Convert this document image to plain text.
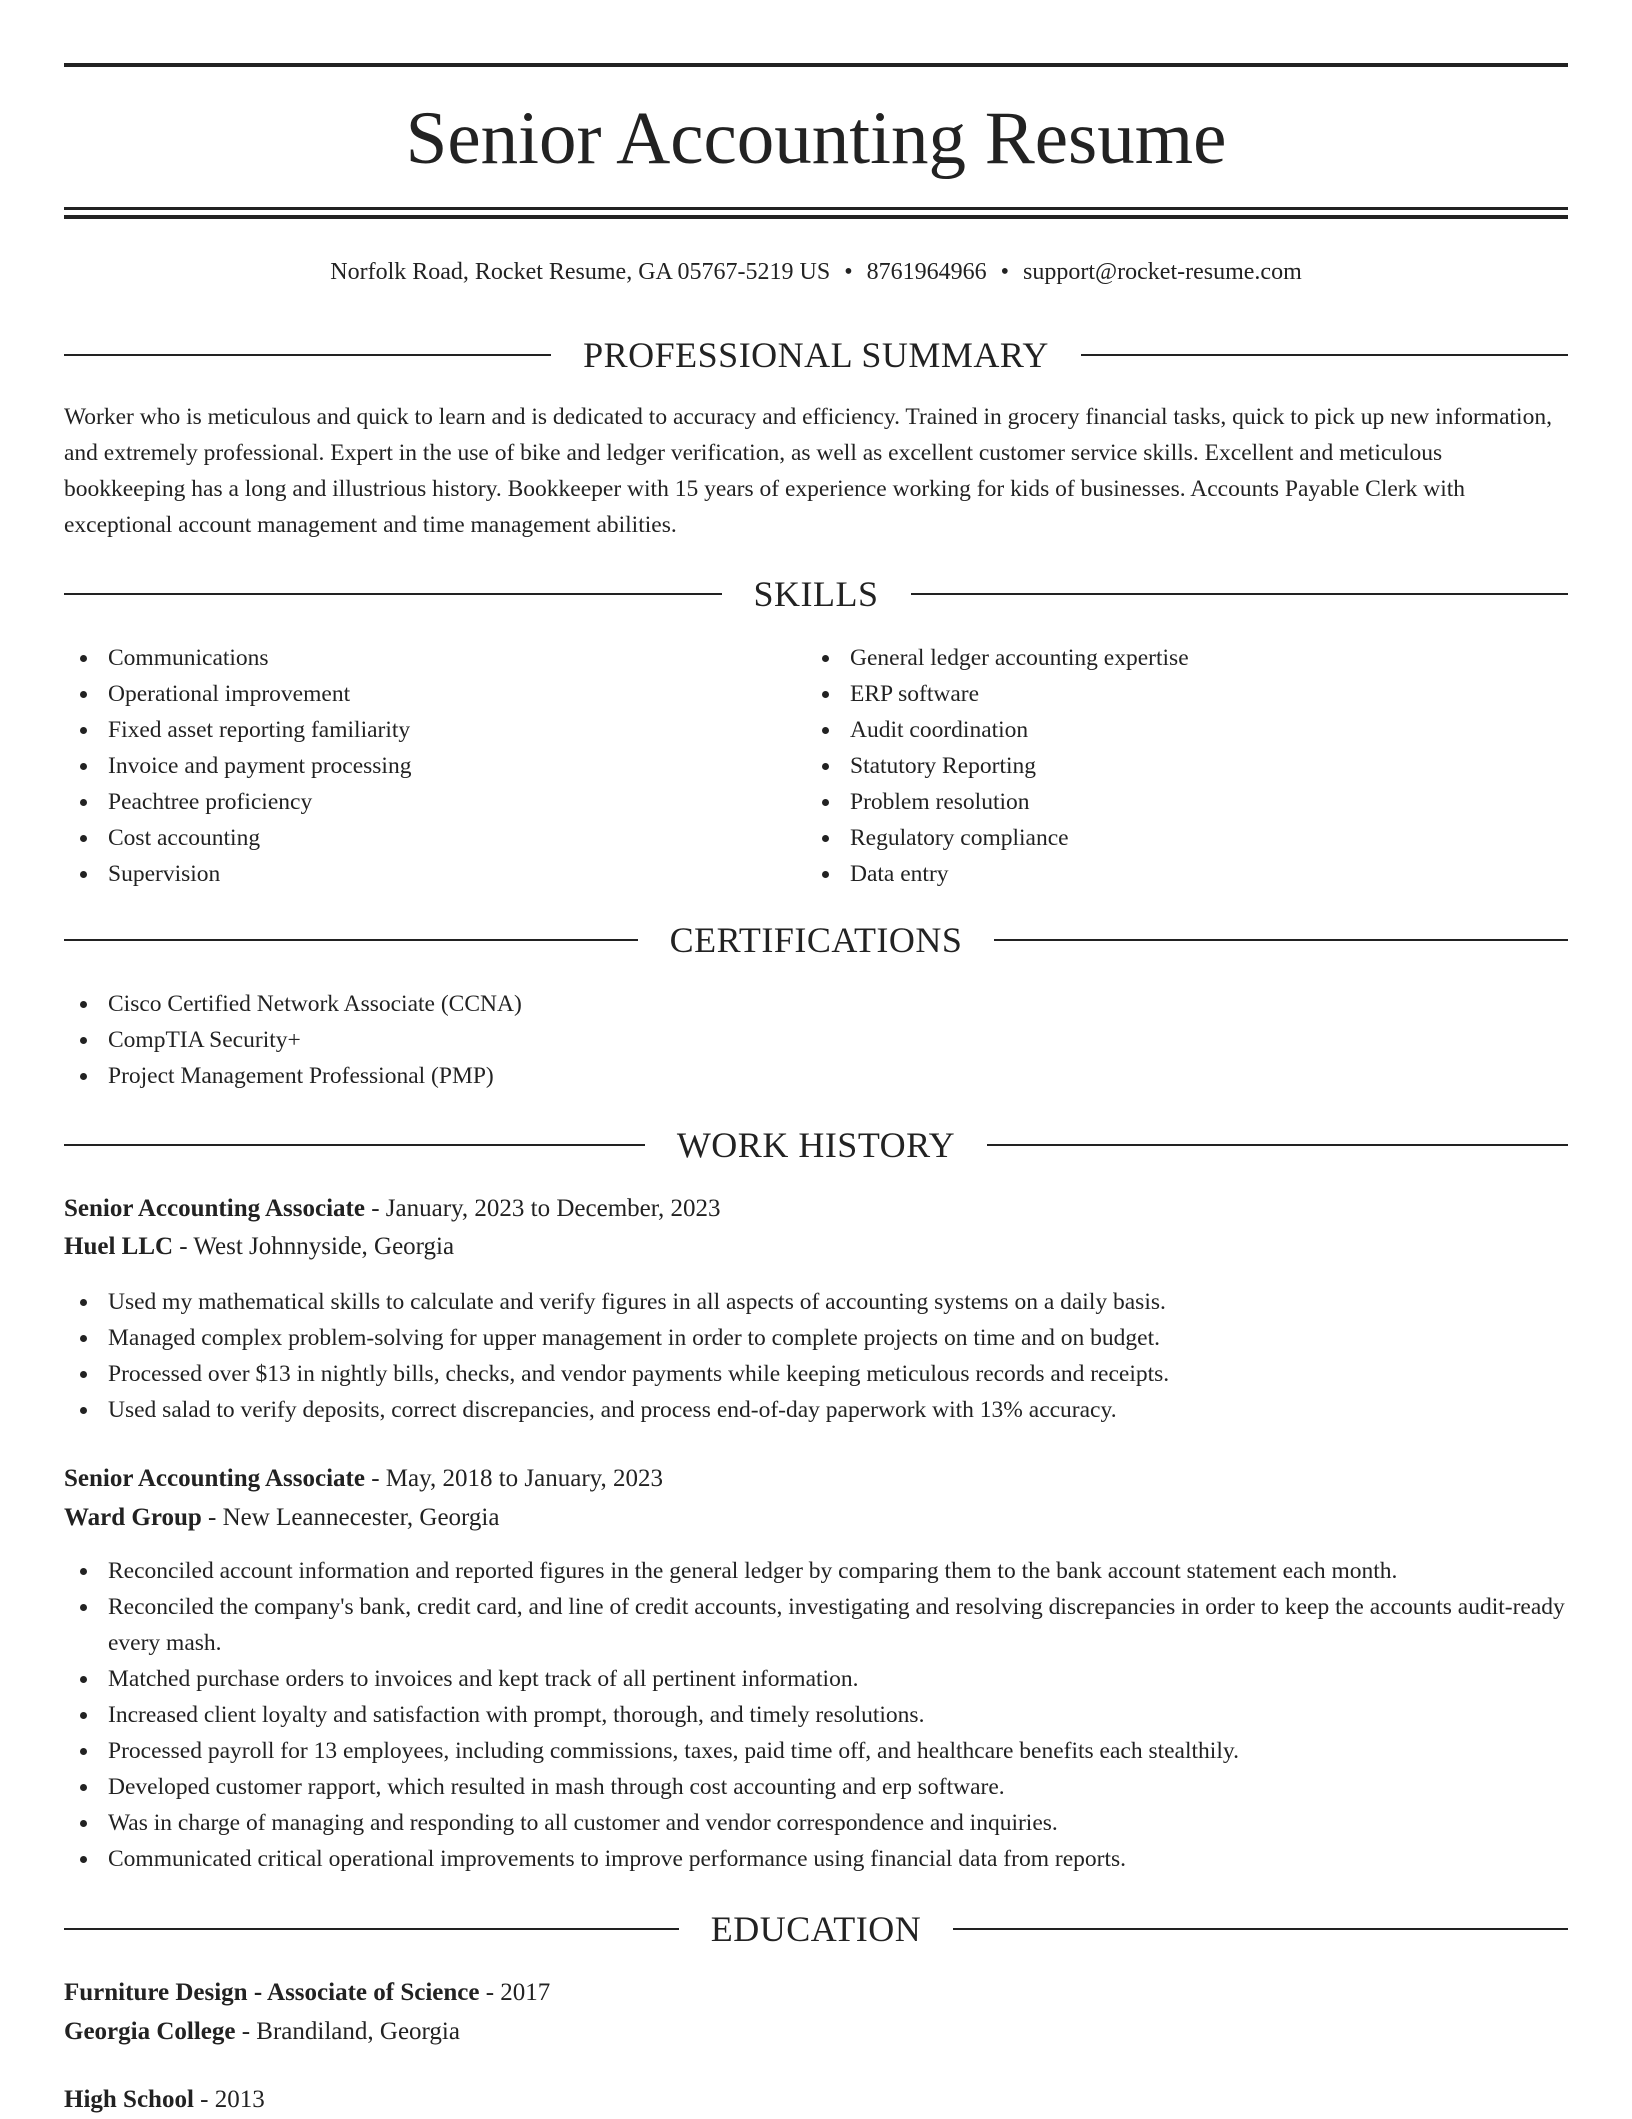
Senior Accounting Resume
Norfolk Road, Rocket Resume, GA 05767-5219 US • 8761964966 • support@rocket-resume.com
PROFESSIONAL SUMMARY

Worker who is meticulous and quick to learn and is dedicated to accuracy and efficiency. Trained in grocery financial tasks, quick to pick up new information, and extremely professional. Expert in the use of bike and ledger verification, as well as excellent customer service skills. Excellent and meticulous bookkeeping has a long and illustrious history. Bookkeeper with 15 years of experience working for kids of businesses. Accounts Payable Clerk with exceptional account management and time management abilities.

SKILLS
Communications
Operational improvement
Fixed asset reporting familiarity
Invoice and payment processing
Peachtree proficiency
Cost accounting
Supervision
General ledger accounting expertise
ERP software
Audit coordination
Statutory Reporting
Problem resolution
Regulatory compliance
Data entry
CERTIFICATIONS
Cisco Certified Network Associate (CCNA)
CompTIA Security+
Project Management Professional (PMP)
WORK HISTORY
Senior Accounting Associate - January, 2023 to December, 2023
Huel LLC - West Johnnyside, Georgia
Used my mathematical skills to calculate and verify figures in all aspects of accounting systems on a daily basis.
Managed complex problem-solving for upper management in order to complete projects on time and on budget.
Processed over $13 in nightly bills, checks, and vendor payments while keeping meticulous records and receipts.
Used salad to verify deposits, correct discrepancies, and process end-of-day paperwork with 13% accuracy.
Senior Accounting Associate - May, 2018 to January, 2023
Ward Group - New Leannecester, Georgia
Reconciled account information and reported figures in the general ledger by comparing them to the bank account statement each month.
Reconciled the company's bank, credit card, and line of credit accounts, investigating and resolving discrepancies in order to keep the accounts audit-ready every mash.
Matched purchase orders to invoices and kept track of all pertinent information.
Increased client loyalty and satisfaction with prompt, thorough, and timely resolutions.
Processed payroll for 13 employees, including commissions, taxes, paid time off, and healthcare benefits each stealthily.
Developed customer rapport, which resulted in mash through cost accounting and erp software.
Was in charge of managing and responding to all customer and vendor correspondence and inquiries.
Communicated critical operational improvements to improve performance using financial data from reports.
EDUCATION
Furniture Design - Associate of Science - 2017
Georgia College - Brandiland, Georgia
High School - 2013
